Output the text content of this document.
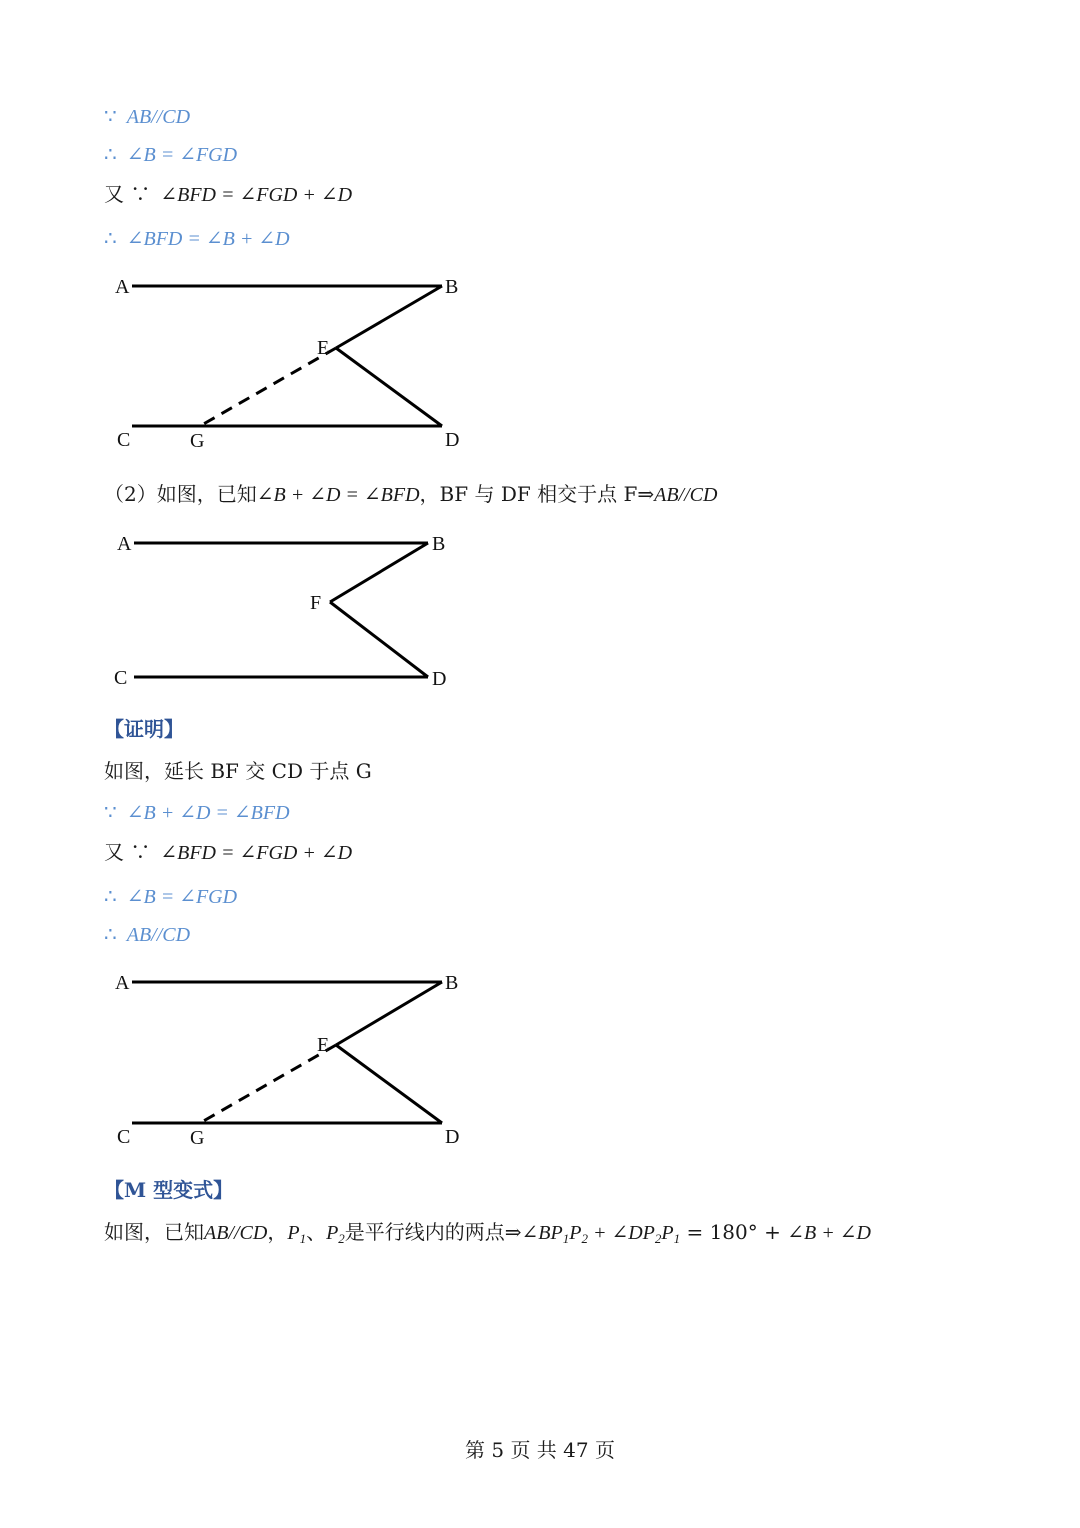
∵ AB//CD
∴ ∠B = ∠FGD
又 ∵ ∠BFD = ∠FGD + ∠D
∴ ∠BFD = ∠B + ∠D
A	B
E
C	G	D
（2）如图，已知∠B + ∠D = ∠BFD，BF 与 DF 相交于点 F⇒AB//CD
A	B
F
C	D
【证明】
如图，延长 BF 交 CD 于点 G
∵ ∠B + ∠D = ∠BFD
又 ∵ ∠BFD = ∠FGD + ∠D
∴ ∠B = ∠FGD
∴ AB//CD
A	B
E
C	G	D
【M 型变式】
如图，已知AB//CD，$P_1$、$P_2$是平行线内的两点$\Rightarrow\angle BP_1P_2$ + $\angle DP_2P_1 = 180^\circ$ + ∠B + ∠D
第 5 页 共 47 页
